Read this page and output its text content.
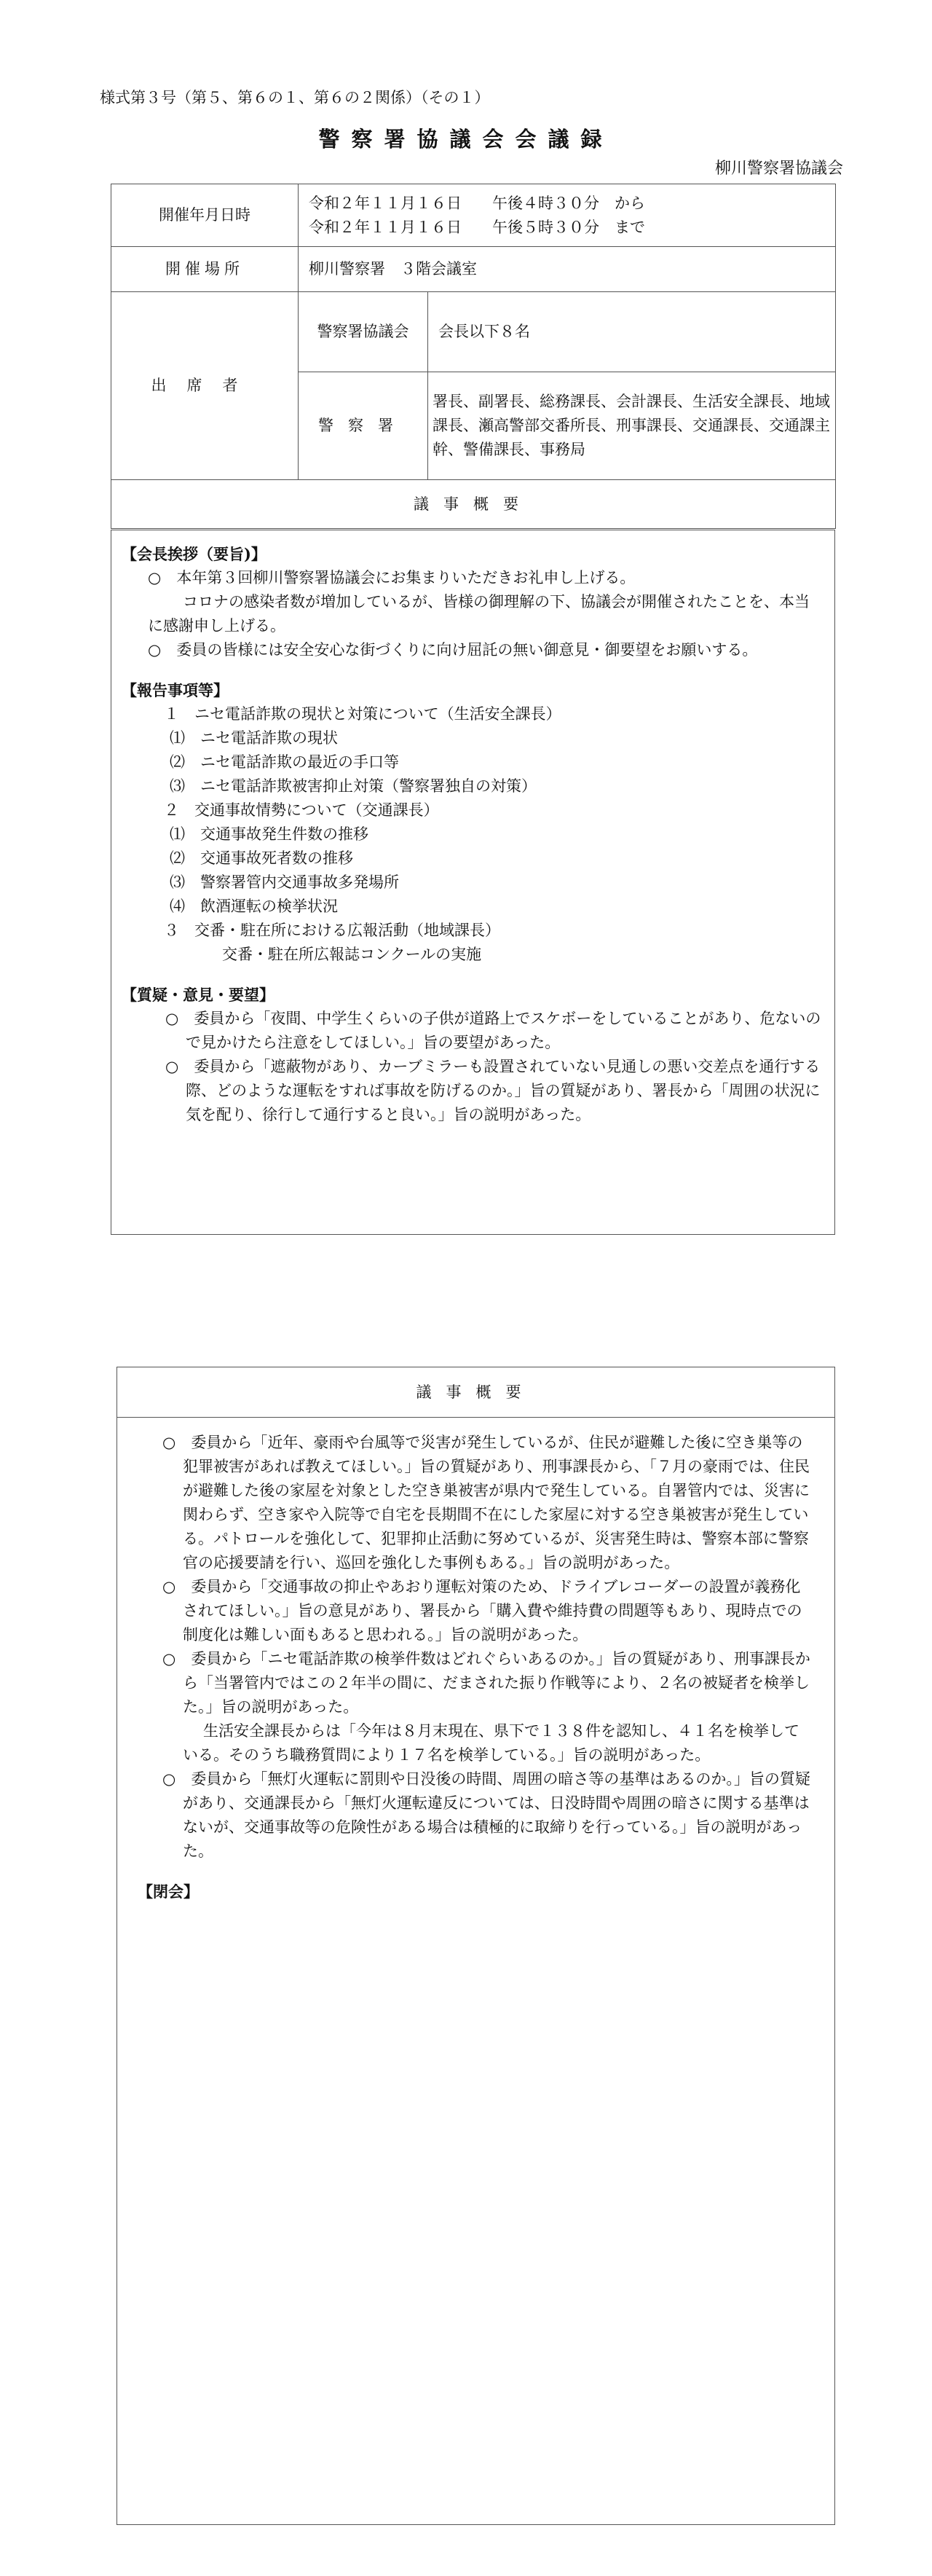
様式第３号（第５、第６の１、第６の２関係）（その１）
警察署協議会会議録
柳川警察署協議会
開催年月日時	令和２年１１月１６日　　午後４時３０分　から
令和２年１１月１６日　　午後５時３０分　まで	

開催場所	柳川警察署　３階会議室	
出席者	警察署協議会	会長以下８名
	警察署	署長、副署長、総務課長、会計課長、生活安全課長、地域課長、瀬高警部交番所長、刑事課長、交通課長、交通課主幹、警備課長、事務局
議事概要		
【会長挨拶（要旨)】
○　本年第３回柳川警察署協議会にお集まりいただきお礼申し上げる。
コロナの感染者数が増加しているが、皆様の御理解の下、協議会が開催されたことを、本当に感謝申し上げる。
○　委員の皆様には安全安心な街づくりに向け屈託の無い御意見・御要望をお願いする。
【報告事項等】
１　ニセ電話詐欺の現状と対策について（生活安全課長）
⑴　ニセ電話詐欺の現状
⑵　ニセ電話詐欺の最近の手口等
⑶　ニセ電話詐欺被害抑止対策（警察署独自の対策）
２　交通事故情勢について（交通課長）
⑴　交通事故発生件数の推移
⑵　交通事故死者数の推移
⑶　警察署管内交通事故多発場所
⑷　飲酒運転の検挙状況
３　交番・駐在所における広報活動（地域課長）
交番・駐在所広報誌コンクールの実施
【質疑・意見・要望】

○　委員から「夜間、中学生くらいの子供が道路上でスケボーをしていることがあり、危ないので見かけたら注意をしてほしい。」旨の要望があった。

○　委員から「遮蔽物があり、カーブミラーも設置されていない見通しの悪い交差点を通行する際、どのような運転をすれば事故を防げるのか。」旨の質疑があり、署長から「周囲の状況に気を配り、徐行して通行すると良い。」旨の説明があった。

議事概要

○　委員から「近年、豪雨や台風等で災害が発生しているが、住民が避難した後に空き巣等の犯罪被害があれば教えてほしい。」旨の質疑があり、刑事課長から、「７月の豪雨では、住民が避難した後の家屋を対象とした空き巣被害が県内で発生している。自署管内では、災害に関わらず、空き家や入院等で自宅を長期間不在にした家屋に対する空き巣被害が発生している。パトロールを強化して、犯罪抑止活動に努めているが、災害発生時は、警察本部に警察官の応援要請を行い、巡回を強化した事例もある。」旨の説明があった。

○　委員から「交通事故の抑止やあおり運転対策のため、ドライブレコーダーの設置が義務化されてほしい。」旨の意見があり、署長から「購入費や維持費の問題等もあり、現時点での制度化は難しい面もあると思われる。」旨の説明があった。

○　委員から「ニセ電話詐欺の検挙件数はどれぐらいあるのか。」旨の質疑があり、刑事課長から「当署管内ではこの２年半の間に、だまされた振り作戦等により、２名の被疑者を検挙した。」旨の説明があった。

生活安全課長からは「今年は８月末現在、県下で１３８件を認知し、４１名を検挙している。そのうち職務質問により１７名を検挙している。」旨の説明があった。

○　委員から「無灯火運転に罰則や日没後の時間、周囲の暗さ等の基準はあるのか。」旨の質疑があり、交通課長から「無灯火運転違反については、日没時間や周囲の暗さに関する基準はないが、交通事故等の危険性がある場合は積極的に取締りを行っている。」旨の説明があった。

【閉会】
